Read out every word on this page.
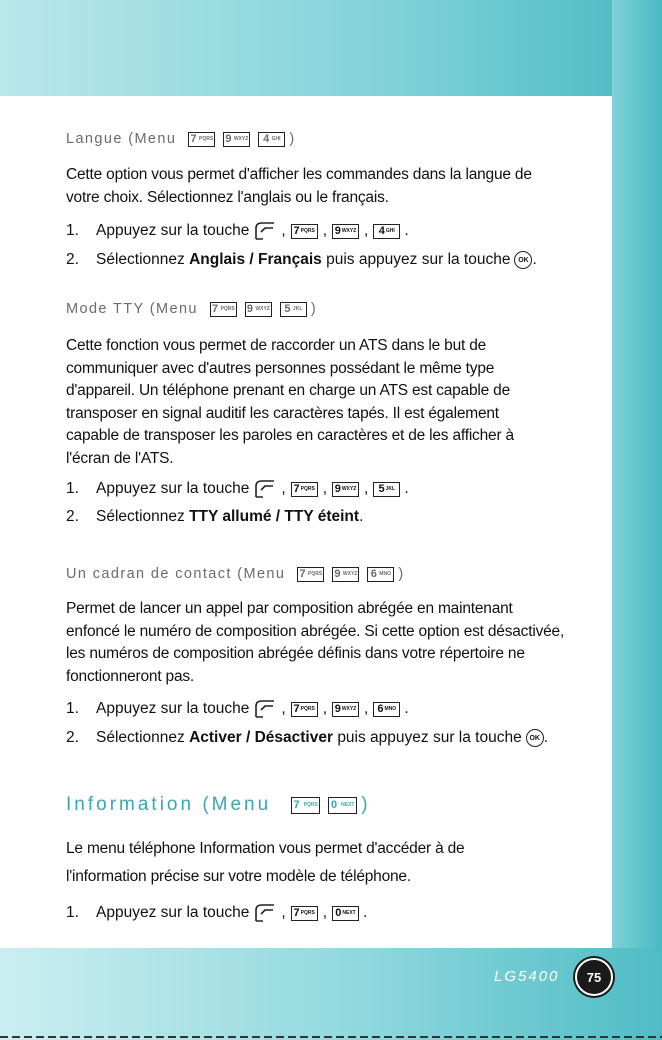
Langue (Menu 7 PQRS 9 WXYZ 4 GHI )
Cette option vous permet d'afficher les commandes dans la langue de
votre choix. Sélectionnez l'anglais ou le français.
1.	Appuyez sur la touche , 7 PQRS , 9 WXYZ , 4 GHI .
2.	Sélectionnez
Anglais
/
Français
puis appuyez sur la touche	OK .
Mode TTY (Menu 7 PQRS 9 WXYZ 5 JKL )
Cette fonction vous permet de raccorder un ATS dans le but de
communiquer avec d'autres personnes possédant le même type
d'appareil. Un téléphone prenant en charge un ATS est capable de
transposer en signal auditif les caractères tapés. Il est également
capable de transposer les paroles en caractères et de les afficher à
l'écran de l'ATS.
1.	Appuyez sur la touche , 7 PQRS , 9 WXYZ , 5 JKL .
2.	Sélectionnez
TTY allumé
/
TTY éteint .
Un cadran de contact (Menu 7 PQRS 9 WXYZ 6 MNO )
Permet de lancer un appel par composition abrégée en maintenant
enfoncé le numéro de composition abrégée. Si cette option est désactivée,
les numéros de composition abrégée définis dans votre répertoire ne
fonctionneront pas.
1.	Appuyez sur la touche , 7 PQRS , 9 WXYZ , 6 MNO .
2.	Sélectionnez
Activer
/
Désactiver
puis appuyez sur la touche	OK .
Information (Menu 7 PQRS 0 NEXT )
Le menu téléphone Information vous permet d'accéder à de
l'information précise sur votre modèle de téléphone.
1.	Appuyez sur la touche , 7 PQRS , 0 NEXT .
LG5400	75
